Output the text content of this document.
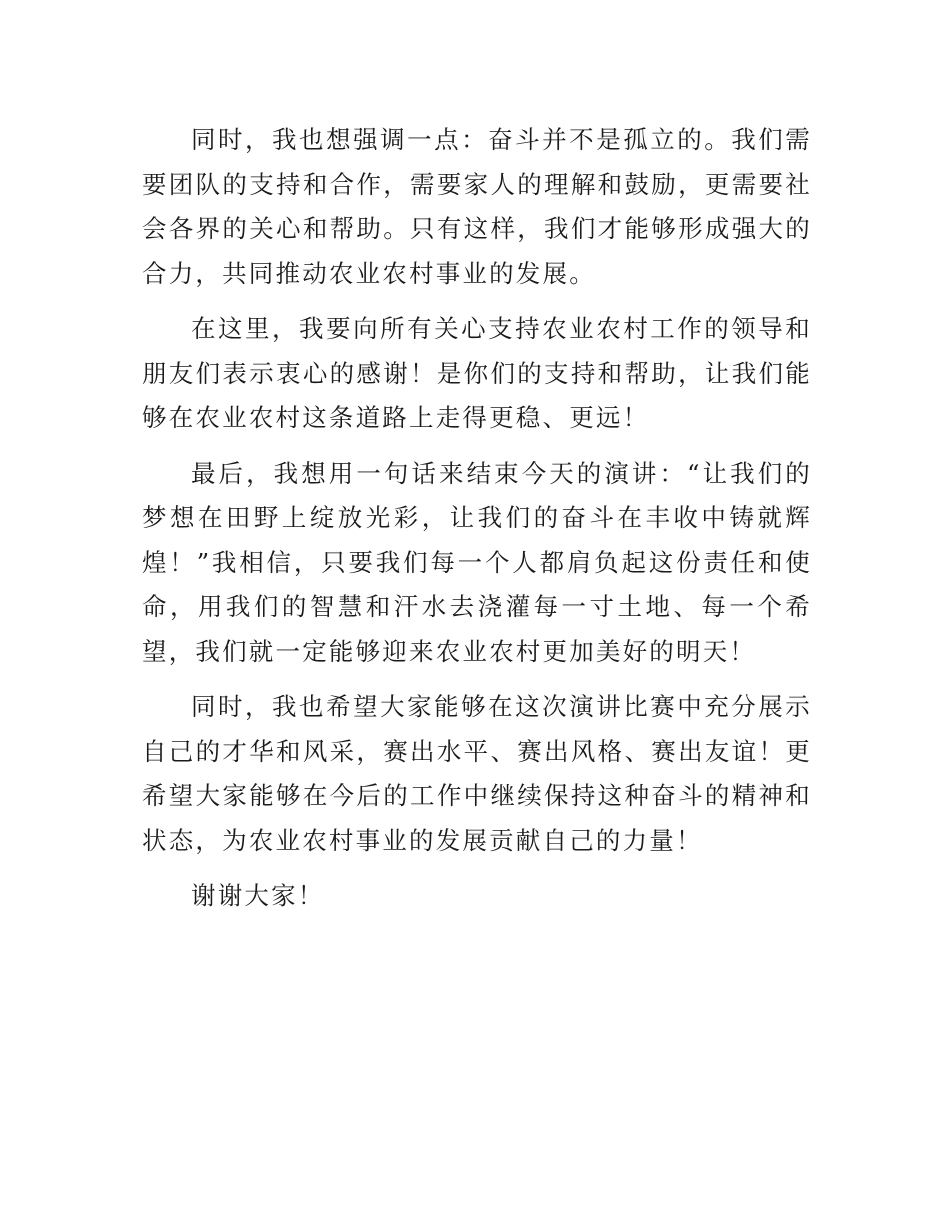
同时，我也想强调一点：奋斗并不是孤立的。我们需要团队的支持和合作，需要家人的理解和鼓励，更需要社会各界的关心和帮助。只有这样，我们才能够形成强大的合力，共同推动农业农村事业的发展。

在这里，我要向所有关心支持农业农村工作的领导和朋友们表示衷心的感谢！是你们的支持和帮助，让我们能够在农业农村这条道路上走得更稳、更远！

最后，我想用一句话来结束今天的演讲：“让我们的梦想在田野上绽放光彩，让我们的奋斗在丰收中铸就辉煌！”我相信，只要我们每一个人都肩负起这份责任和使命，用我们的智慧和汗水去浇灌每一寸土地、每一个希望，我们就一定能够迎来农业农村更加美好的明天！

同时，我也希望大家能够在这次演讲比赛中充分展示自己的才华和风采，赛出水平、赛出风格、赛出友谊！更希望大家能够在今后的工作中继续保持这种奋斗的精神和状态，为农业农村事业的发展贡献自己的力量！

谢谢大家！
